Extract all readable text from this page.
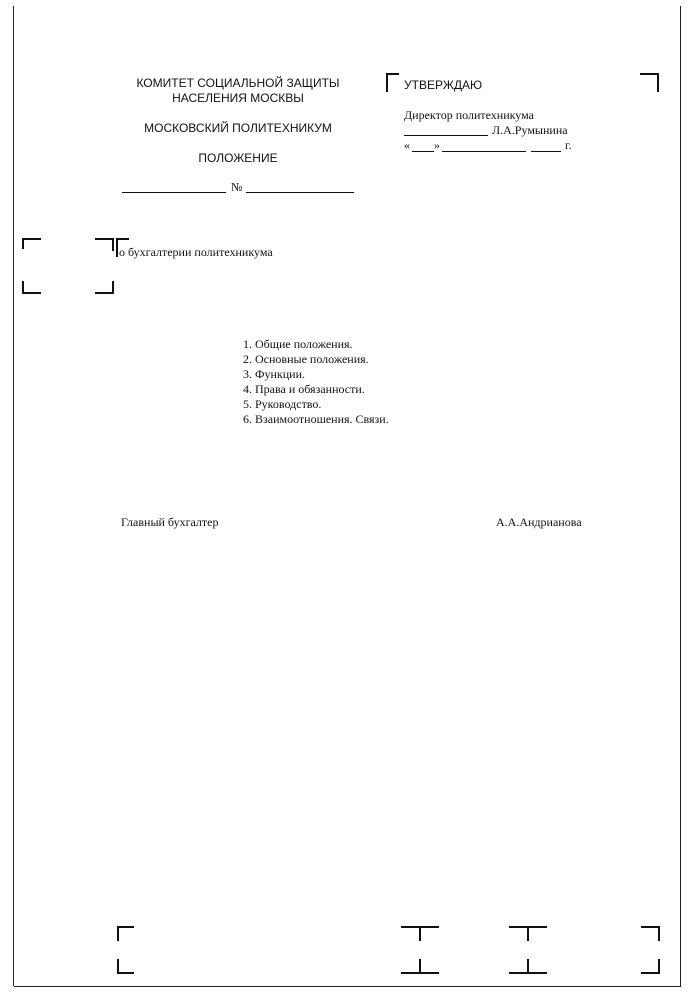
КОМИТЕТ СОЦИАЛЬНОЙ ЗАЩИТЫ
НАСЕЛЕНИЯ МОСКВЫ
МОСКОВСКИЙ ПОЛИТЕХНИКУМ
ПОЛОЖЕНИЕ
№
УТВЕРЖДАЮ
Директор политехникума
Л.А.Румынина
« »	г.
о бухгалтерии политехникума
1. Общие положения.
2. Основные положения.
3. Функции.
4. Права и обязанности.
5. Руководство.
6. Взаимоотношения. Связи.
Главный бухгалтер	А.А.Андрианова
